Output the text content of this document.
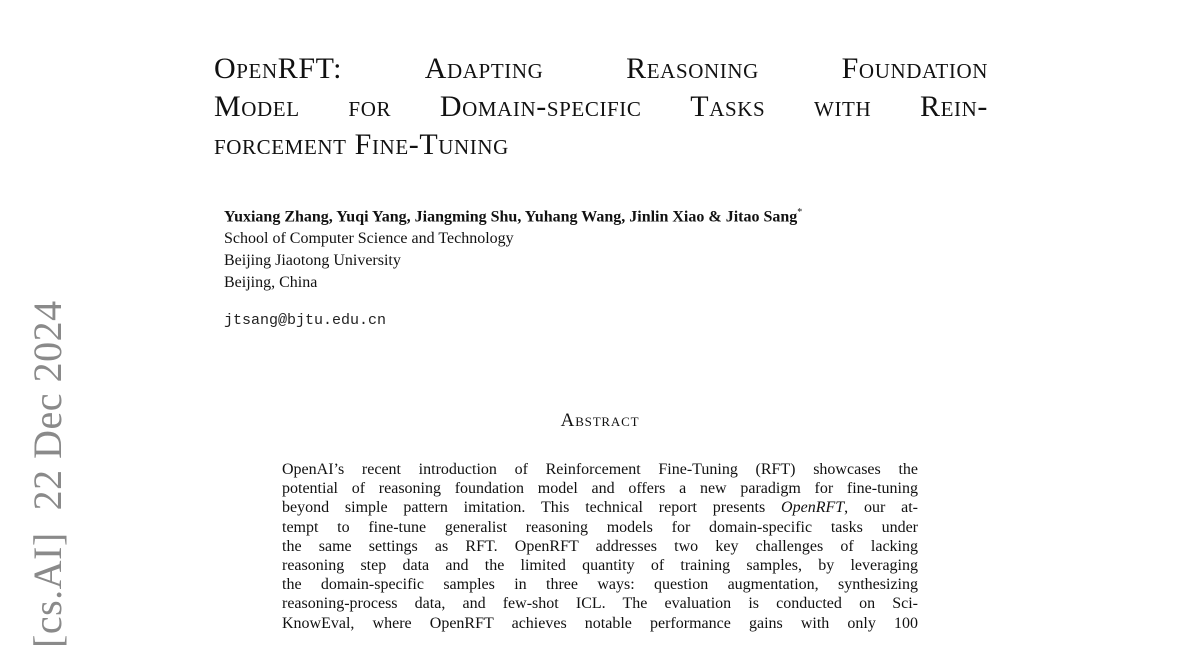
[cs.AI]22 Dec 2024
OpenRFT:	Adapting	Reasoning	Foundation
Model for Domain-specific Tasks with Rein-
forcement Fine-Tuning
Yuxiang Zhang, Yuqi Yang, Jiangming Shu, Yuhang Wang, Jinlin Xiao & Jitao Sang*
School of Computer Science and Technology
Beijing Jiaotong University
Beijing, China
jtsang@bjtu.edu.cn
Abstract
OpenAI’s recent introduction of Reinforcement Fine-Tuning (RFT) showcases the
potential of reasoning foundation model and offers a new paradigm for fine-tuning
beyond simple pattern imitation. This technical report presents OpenRFT, our at-
tempt to fine-tune generalist reasoning models for domain-specific tasks under
the same settings as RFT. OpenRFT addresses two key challenges of lacking
reasoning step data and the limited quantity of training samples, by leveraging
the domain-specific samples in three ways: question augmentation, synthesizing
reasoning-process data, and few-shot ICL. The evaluation is conducted on Sci-
KnowEval, where OpenRFT achieves notable performance gains with only 100
